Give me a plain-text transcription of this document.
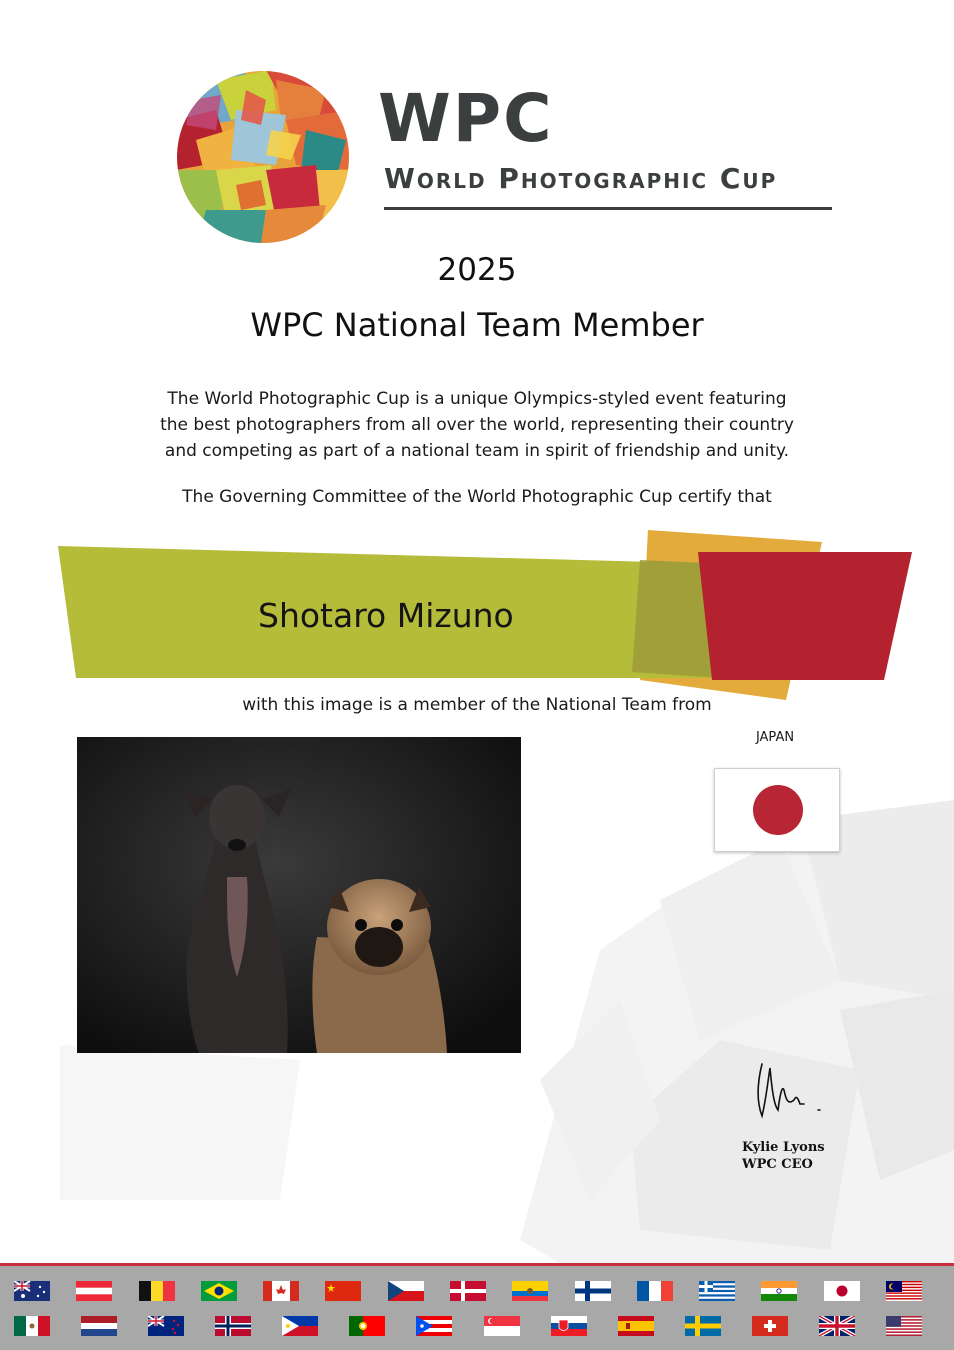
WPC
World Photographic Cup
2025
WPC National Team Member
The World Photographic Cup is a unique Olympics-styled event featuring
the best photographers from all over the world, representing their country
and competing as part of a national team in spirit of friendship and unity.
The Governing Committee of the World Photographic Cup certify that
Shotaro Mizuno
with this image is a member of the National Team from
JAPAN
Kylie Lyons
WPC CEO
